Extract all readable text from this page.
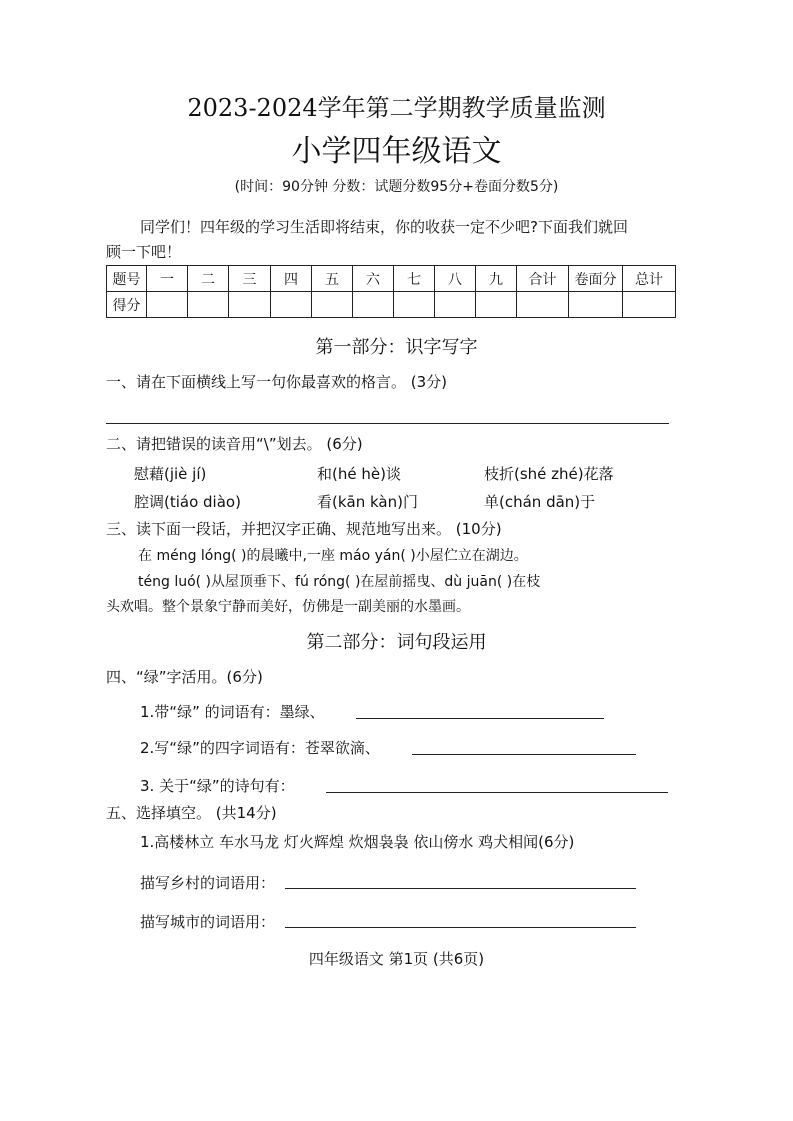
2023-2024学年第二学期教学质量监测
小学四年级语文
(时间：90分钟 分数：试题分数95分+卷面分数5分)
同学们！四年级的学习生活即将结束，你的收获一定不少吧?下面我们就回
顾一下吧！
题号	一	二	三	四	五	六	七	八	九	合计	卷面分	总计
得分												
第一部分：识字写字
一、请在下面横线上写一句你最喜欢的格言。 (3分)
二、请把错误的读音用“\”划去。 (6分)
慰藉(jiè jí)	和(hé hè)谈	枝折(shé zhé)花落
腔调(tiáo diào)	看(kān kàn)门	单(chán dān)于
三、读下面一段话，并把汉字正确、规范地写出来。 (10分)
在 méng lóng( )的晨曦中,一座 máo yán( )小屋伫立在湖边。
téng luó( )从屋顶垂下、fú róng( )在屋前摇曳、dù juān( )在枝
头欢唱。整个景象宁静而美好，仿佛是一副美丽的水墨画。
第二部分：词句段运用
四、“绿”字活用。(6分)
1.带“绿” 的词语有：墨绿、
2.写“绿”的四字词语有：苍翠欲滴、
3. 关于“绿”的诗句有：
五、选择填空。 (共14分)
1.高楼林立 车水马龙 灯火辉煌 炊烟袅袅 依山傍水 鸡犬相闻(6分)
描写乡村的词语用：
描写城市的词语用：
四年级语文 第1页 (共6页)
